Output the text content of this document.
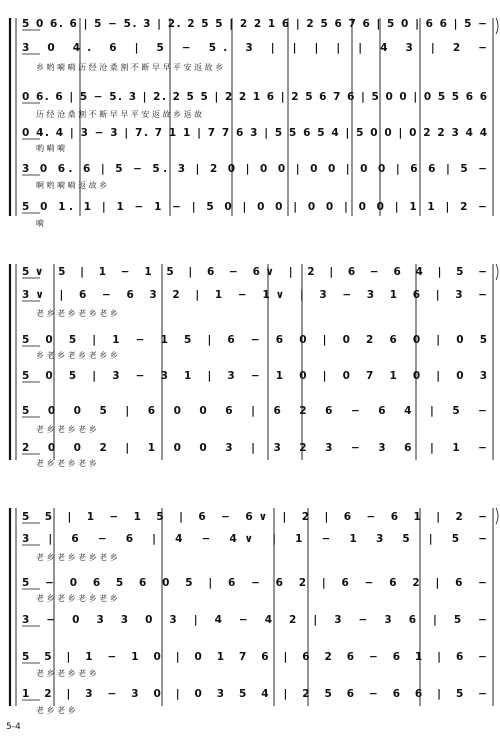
5 0 6. 6 | 5 − 5. 3 | 2. 2 5 5 | 2 2 1 6 | 2 5 6 7 6 | 5 0 | 6 6 | 5 −
3 0 4. 6 | 5 − 5. 3 | | | | | 4 3 | 2 −
乡 哟 嗬 嗬 历 经 沧 桑 割 不 断 早 早 平 安 返 故 乡
0 6. 6 | 5 − 5. 3 | 2. 2 5 5 | 2 2 1 6 | 2 5 6 7 6 | 5 0 0 | 0 5 5 6 6
历 经 沧 桑 割 不 断 早 早 平 安 返 故 乡 返 故
0 4. 4 | 3 − 3 | 7. 7 1 1 | 7 7 6 3 | 5 5 6 5 4 | 5 0 0 | 0 2 2 3 4 4
哟 嗬 嗬
3 0 6. 6 | 5 − 5. 3 | 2 0 | 0 0 | 0 0 | 0 0 | 6 6 | 5 −
啊 哟 嗬 嗬 返 故 乡
5 0 1. 1 | 1 − 1 − | 5 0 | 0 0 | 0 0 | 0 0 | 1 1 | 2 −
嗬
5∨ 5 | 1 − 1 5 | 6 − 6∨ | 2 | 6 − 6 4 | 5 −
3∨ | 6 − 6 3 2 | 1 − 1∨ | 3 − 3 1 6 | 3 −
老 乡 老 乡 老 乡 老 乡
5 0 5 | 1 − 1 5 | 6 − 6 0 | 0 2 6 0 | 0 5
乡 老 乡 老 乡 老 乡 乡
5 0 5 | 3 − 3 1 | 3 − 1 0 | 0 7 1 0 | 0 3
5 0 0 5 | 6 0 0 6 | 6 2 6 − 6 4 | 5 −
老 乡 老 乡 老 乡
2 0 0 2 | 1 0 0 3 | 3 2 3 − 3 6 | 1 −
老 乡 老 乡 老 乡
5 5 | 1 − 1 5 | 6 − 6∨ | 2 | 6 − 6 1 | 2 −
3 | 6 − 6 | 4 − 4∨ | 1 − 1 3 5 | 5 −
老 乡 老 乡 老 乡 老 乡
5 − 0 6 5 6 0 5 | 6 − 6 2 | 6 − 6 2 | 6 −
老 乡 老 乡 老 乡 老 乡
3 − 0 3 3 0 3 | 4 − 4 2 | 3 − 3 6 | 5 −
5 5 | 1 − 1 0 | 0 1 7 6 | 6 2 6 − 6 1 | 6 −
老 乡 老 乡 老 乡
1 2 | 3 − 3 0 | 0 3 5 4 | 2 5 6 − 6 6 | 5 −
老 乡 老 乡
5-4
